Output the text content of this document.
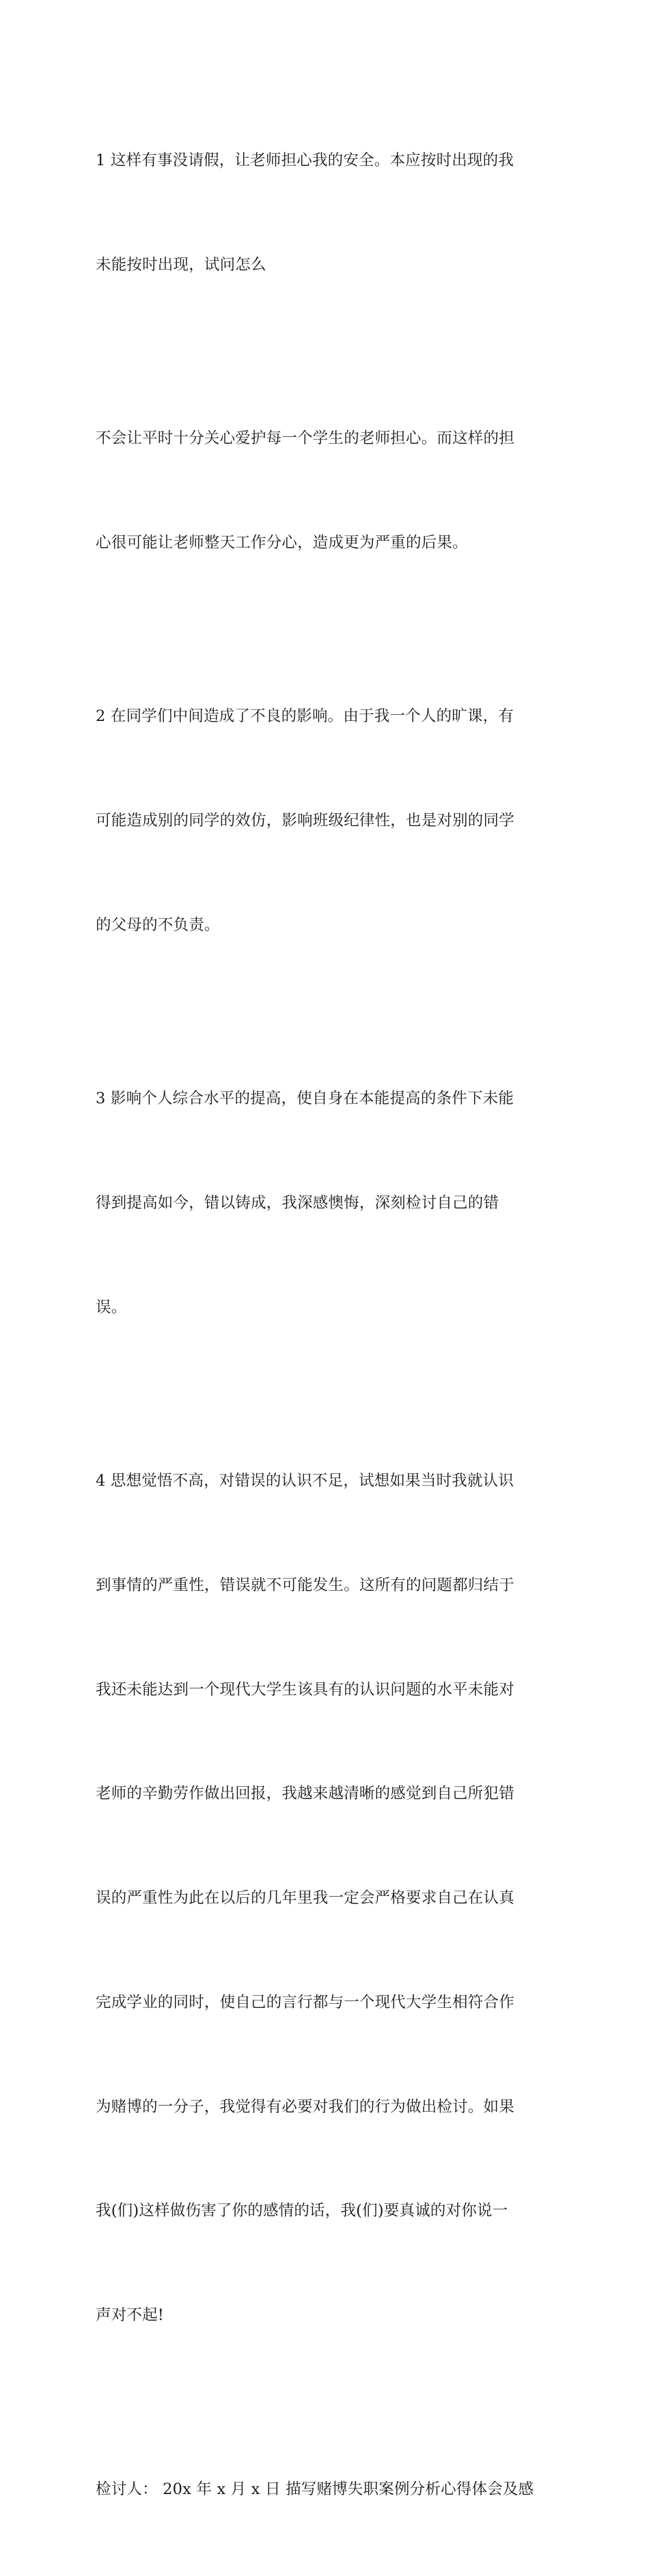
1 这样有事没请假，让老师担心我的安全。本应按时出现的我

未能按时出现，试问怎么

不会让平时十分关心爱护每一个学生的老师担心。而这样的担

心很可能让老师整天工作分心，造成更为严重的后果。

2 在同学们中间造成了不良的影响。由于我一个人的旷课，有

可能造成别的同学的效仿，影响班级纪律性，也是对别的同学

的父母的不负责。

3 影响个人综合水平的提高，使自身在本能提高的条件下未能

得到提高如今，错以铸成，我深感懊悔，深刻检讨自己的错

误。

4 思想觉悟不高，对错误的认识不足，试想如果当时我就认识

到事情的严重性，错误就不可能发生。这所有的问题都归结于

我还未能达到一个现代大学生该具有的认识问题的水平未能对

老师的辛勤劳作做出回报，我越来越清晰的感觉到自己所犯错

误的严重性为此在以后的几年里我一定会严格要求自己在认真

完成学业的同时，使自己的言行都与一个现代大学生相符合作

为赌博的一分子，我觉得有必要对我们的行为做出检讨。如果

我(们)这样做伤害了你的感情的话，我(们)要真诚的对你说一

声对不起!

检讨人： 20x 年 x 月 x 日 描写赌博失职案例分析心得体会及感
